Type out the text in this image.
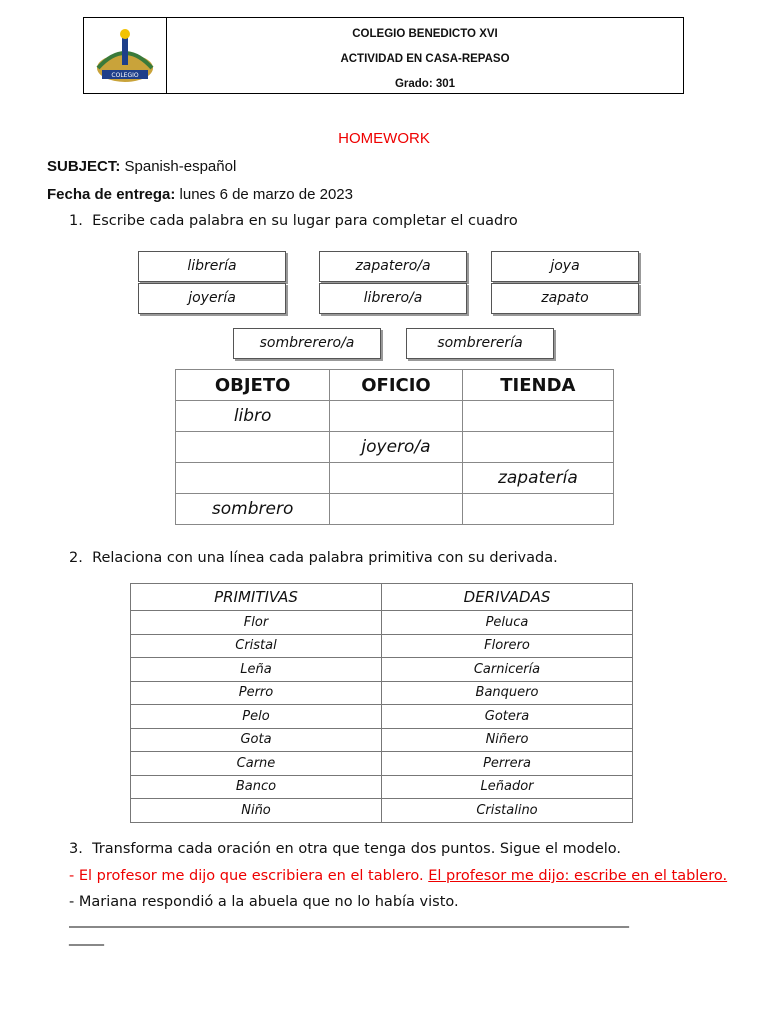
COLEGIO
COLEGIO BENEDICTO XVI
ACTIVIDAD EN CASA-REPASO
Grado: 301
HOMEWORK
SUBJECT: Spanish-español
Fecha de entrega: lunes 6 de marzo de 2023
1. Escribe cada palabra en su lugar para completar el cuadro
librería	zapatero/a	joya
joyería	librero/a	zapato
sombrerero/a	sombrerería
OBJETO	OFICIO	TIENDA
libro		
	joyero/a	
		zapatería
sombrero		
2. Relaciona con una línea cada palabra primitiva con su derivada.
PRIMITIVAS	DERIVADAS
Flor	Peluca
Cristal	Florero
Leña	Carnicería
Perro	Banquero
Pelo	Gotera
Gota	Niñero
Carne	Perrera
Banco	Leñador
Niño	Cristalino
3. Transforma cada oración en otra que tenga dos puntos. Sigue el modelo.
- El profesor me dijo que escribiera en el tablero. El profesor me dijo: escribe en el tablero.
- Mariana respondió a la abuela que no lo había visto.
________________________________________________________________________________
_____
